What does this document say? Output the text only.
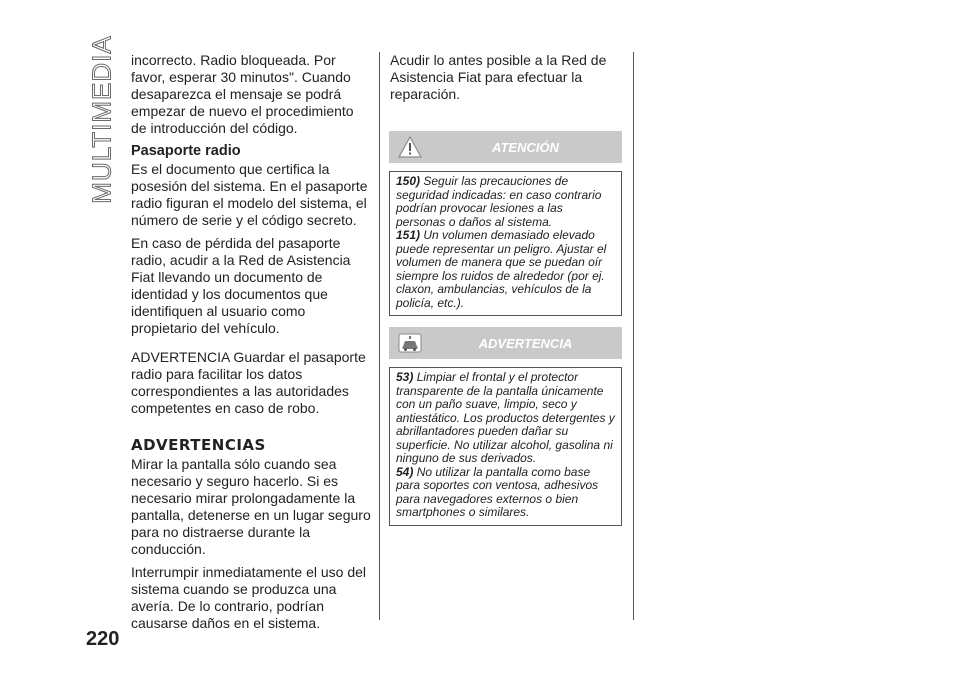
MULTIMEDIA
220

incorrecto. Radio bloqueada. Por favor, esperar 30 minutos". Cuando desaparezca el mensaje se podrá empezar de nuevo el procedimiento de introducción del código.

Pasaporte radio

Es el documento que certifica la posesión del sistema. En el pasaporte radio figuran el modelo del sistema, el número de serie y el código secreto.

En caso de pérdida del pasaporte radio, acudir a la Red de Asistencia Fiat llevando un documento de identidad y los documentos que identifiquen al usuario como propietario del vehículo.

ADVERTENCIA Guardar el pasaporte radio para facilitar los datos correspondientes a las autoridades competentes en caso de robo.

ADVERTENCIAS

Mirar la pantalla sólo cuando sea necesario y seguro hacerlo. Si es necesario mirar prolongadamente la pantalla, detenerse en un lugar seguro para no distraerse durante la conducción.

Interrumpir inmediatamente el uso del sistema cuando se produzca una avería. De lo contrario, podrían causarse daños en el sistema.

Acudir lo antes posible a la Red de Asistencia Fiat para efectuar la reparación.

ATENCIÓN

150) Seguir las precauciones de seguridad indicadas: en caso contrario podrían provocar lesiones a las personas o daños al sistema.

151) Un volumen demasiado elevado puede representar un peligro. Ajustar el volumen de manera que se puedan oír siempre los ruidos de alrededor (por ej. claxon, ambulancias, vehículos de la policía, etc.).

ADVERTENCIA

53) Limpiar el frontal y el protector transparente de la pantalla únicamente con un paño suave, limpio, seco y antiestático. Los productos detergentes y abrillantadores pueden dañar su superficie. No utilizar alcohol, gasolina ni ninguno de sus derivados.

54) No utilizar la pantalla como base para soportes con ventosa, adhesivos para navegadores externos o bien smartphones o similares.
